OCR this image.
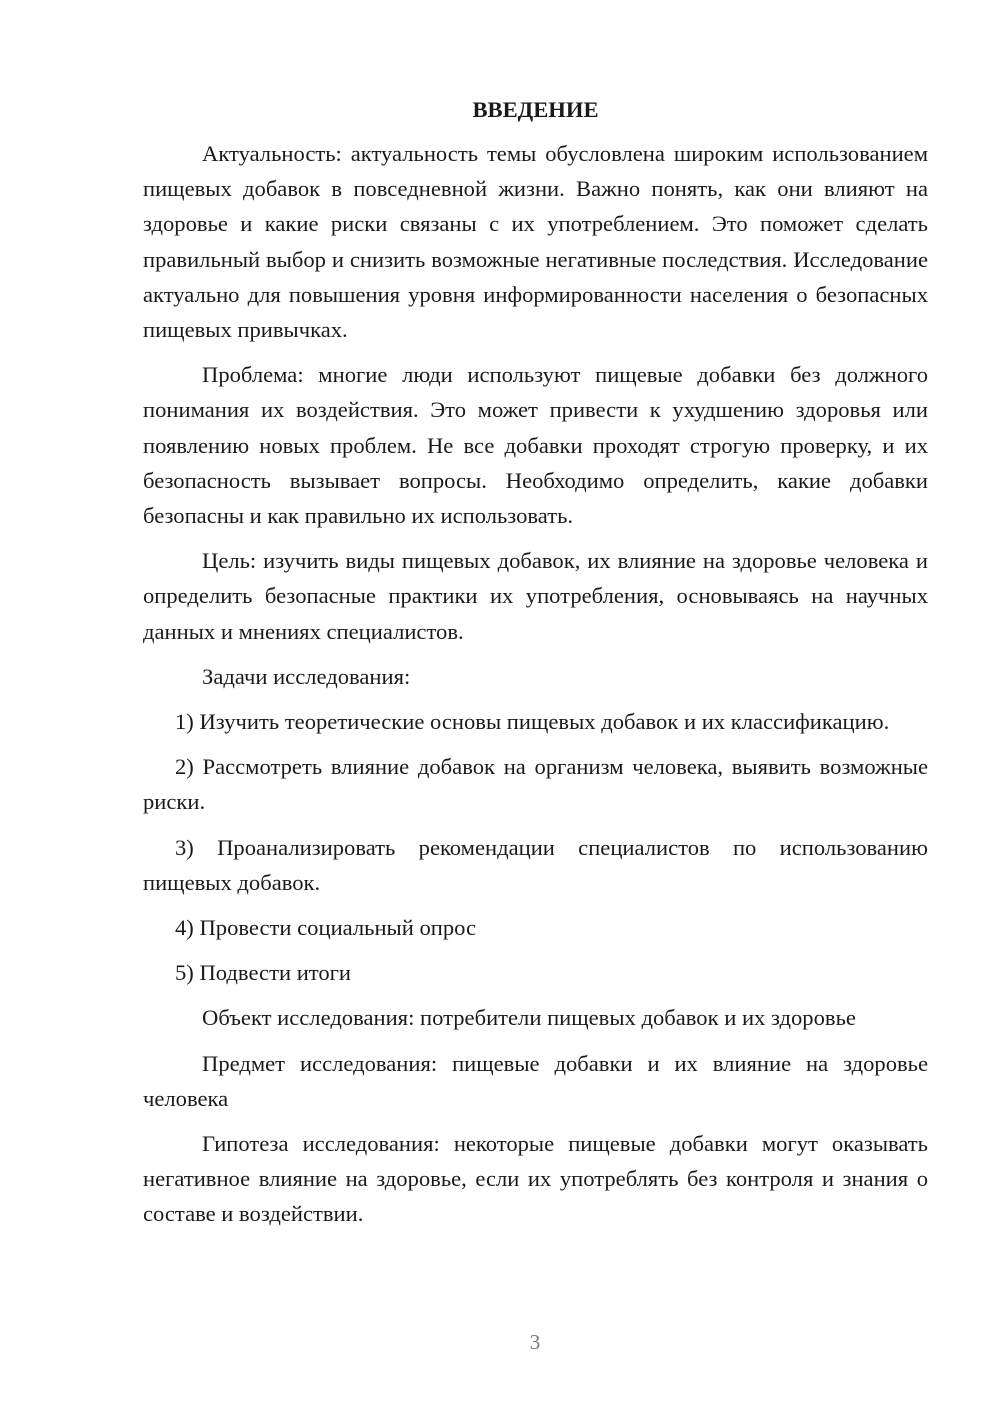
ВВЕДЕНИЕ

Актуальность: актуальность темы обусловлена широким использованием пищевых добавок в повседневной жизни. Важно понять, как они влияют на здоровье и какие риски связаны с их употреблением. Это поможет сделать правильный выбор и снизить возможные негативные последствия. Исследование актуально для повышения уровня информированности населения о безопасных пищевых привычках.

Проблема: многие люди используют пищевые добавки без должного понимания их воздействия. Это может привести к ухудшению здоровья или появлению новых проблем. Не все добавки проходят строгую проверку, и их безопасность вызывает вопросы. Необходимо определить, какие добавки безопасны и как правильно их использовать.

Цель: изучить виды пищевых добавок, их влияние на здоровье человека и определить безопасные практики их употребления, основываясь на научных данных и мнениях специалистов.

Задачи исследования:

1) Изучить теоретические основы пищевых добавок и их классификацию.

2) Рассмотреть влияние добавок на организм человека, выявить возможные риски.

3) Проанализировать рекомендации специалистов по использованию пищевых добавок.

4) Провести социальный опрос

5) Подвести итоги

Объект исследования: потребители пищевых добавок и их здоровье

Предмет исследования: пищевые добавки и их влияние на здоровье человека

Гипотеза исследования: некоторые пищевые добавки могут оказывать негативное влияние на здоровье, если их употреблять без контроля и знания о составе и воздействии.

3
